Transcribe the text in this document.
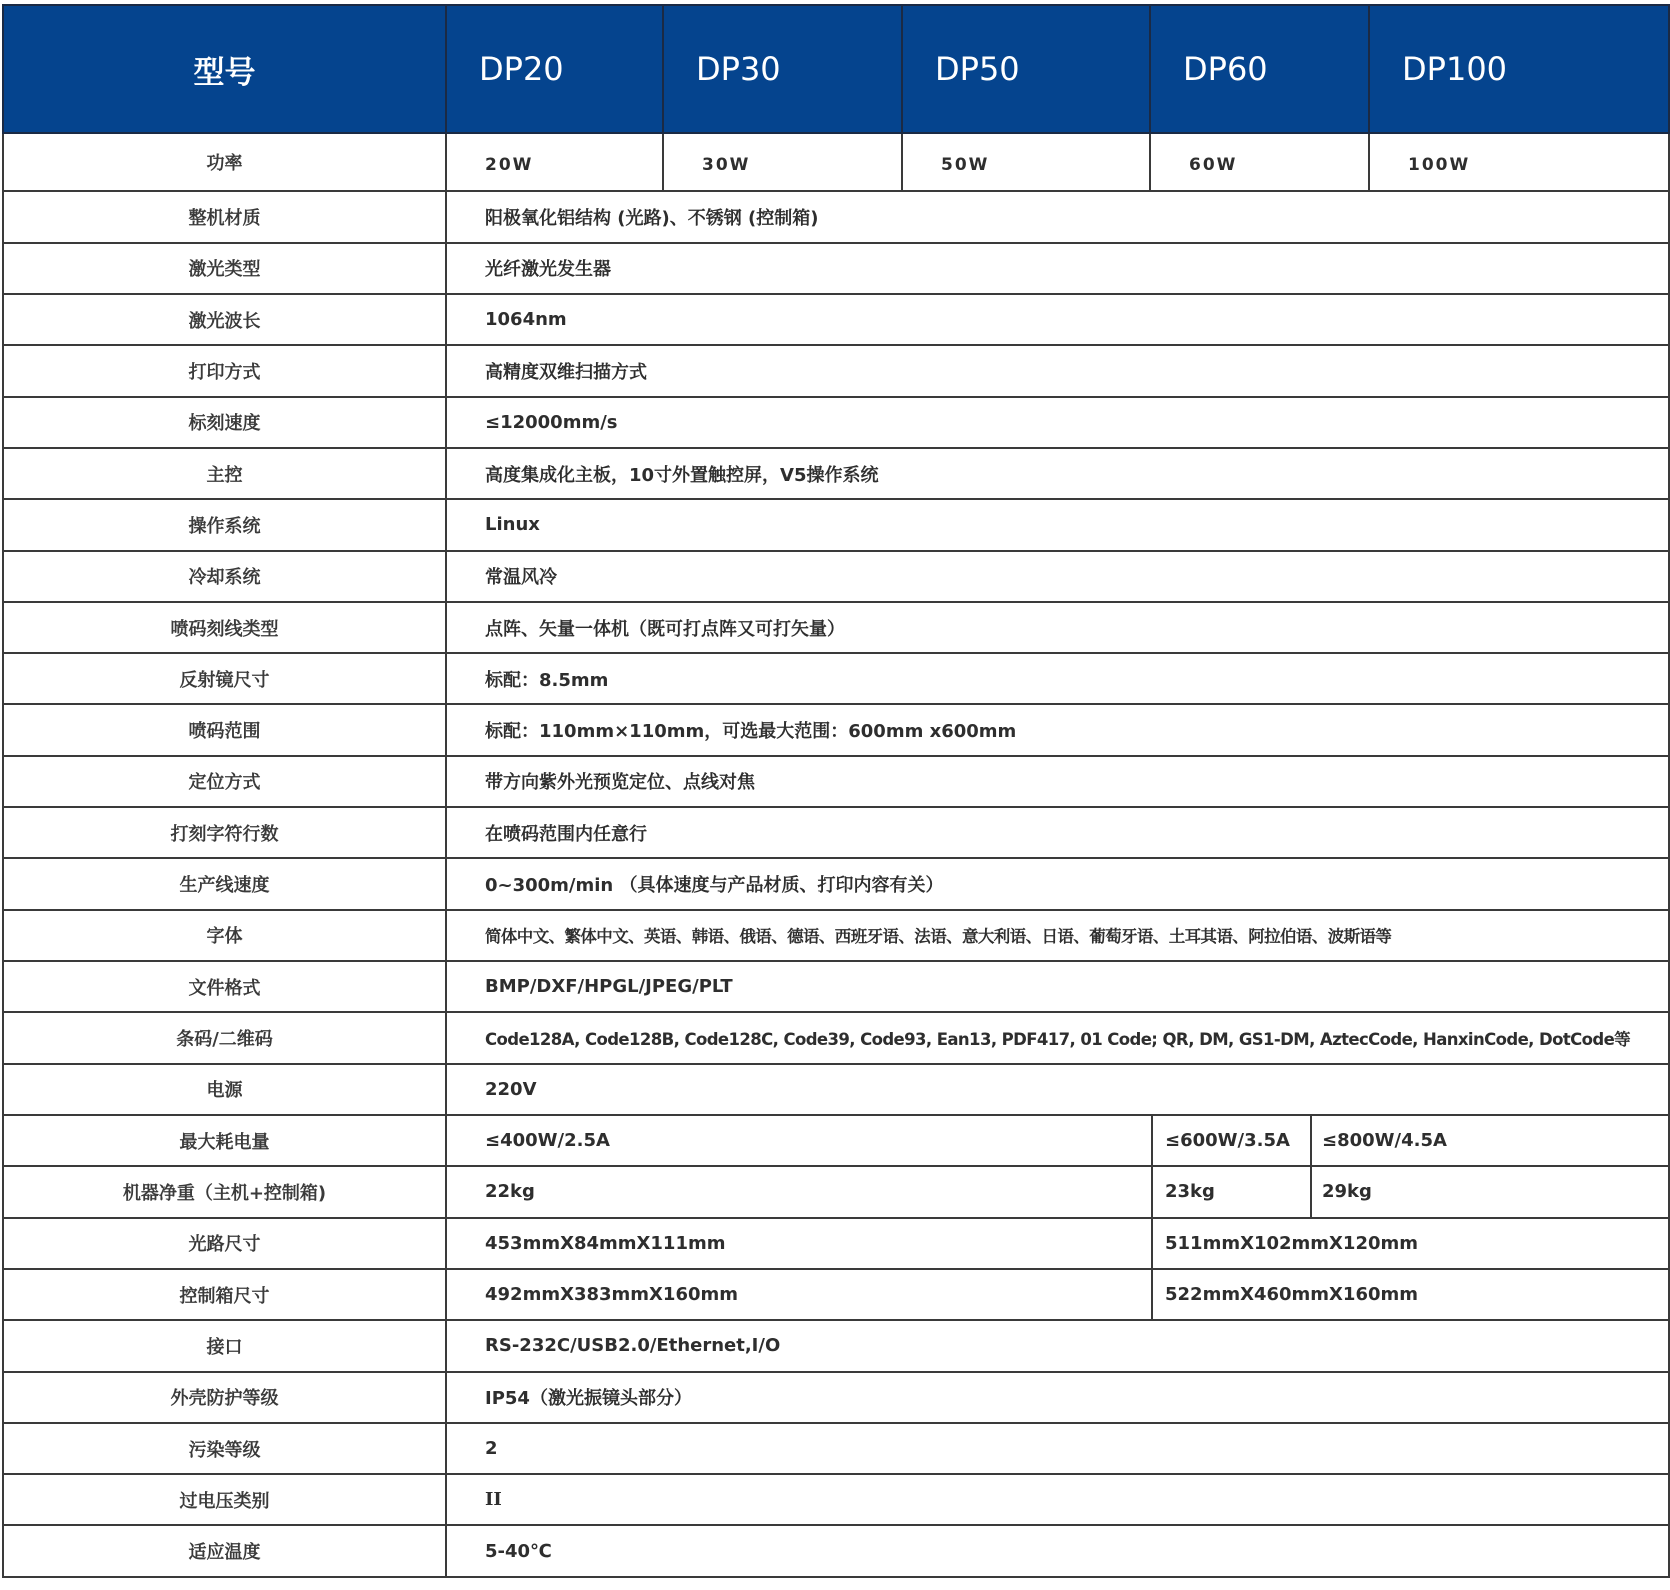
型号	DP20	DP30	DP50	DP60			DP100
功率	20W	30W	50W	60W			100W
整机材质	阳极氧化铝结构 (光路)、不锈钢 (控制箱)						
激光类型	光纤激光发生器						
激光波长	1064nm						
打印方式	高精度双维扫描方式						
标刻速度	≤12000mm/s						
主控	高度集成化主板，10寸外置触控屏，V5操作系统						
操作系统	Linux						
冷却系统	常温风冷						
喷码刻线类型	点阵、矢量一体机（既可打点阵又可打矢量）						
反射镜尺寸	标配：8.5mm						
喷码范围	标配：110mm×110mm，可选最大范围：600mm x600mm						
定位方式	带方向紫外光预览定位、点线对焦						
打刻字符行数	在喷码范围内任意行						
生产线速度	0~300m/min （具体速度与产品材质、打印内容有关）						
字体	简体中文、繁体中文、英语、韩语、俄语、德语、西班牙语、法语、意大利语、日语、葡萄牙语、土耳其语、阿拉伯语、波斯语等						
文件格式	BMP/DXF/HPGL/JPEG/PLT						
条码/二维码	Code128A, Code128B, Code128C, Code39, Code93, Ean13, PDF417, 01 Code; QR, DM, GS1-DM, AztecCode, HanxinCode, DotCode等						
电源	220V						
最大耗电量	≤400W/2.5A				≤600W/3.5A	≤800W/4.5A	
机器净重（主机+控制箱)	22kg				23kg	29kg	
光路尺寸	453mmX84mmX111mm				511mmX102mmX120mm		
控制箱尺寸	492mmX383mmX160mm				522mmX460mmX160mm		
接口	RS-232C/USB2.0/Ethernet,I/O						
外壳防护等级	IP54（激光振镜头部分）						
污染等级	2						
过电压类别	II						
适应温度	5-40℃						
